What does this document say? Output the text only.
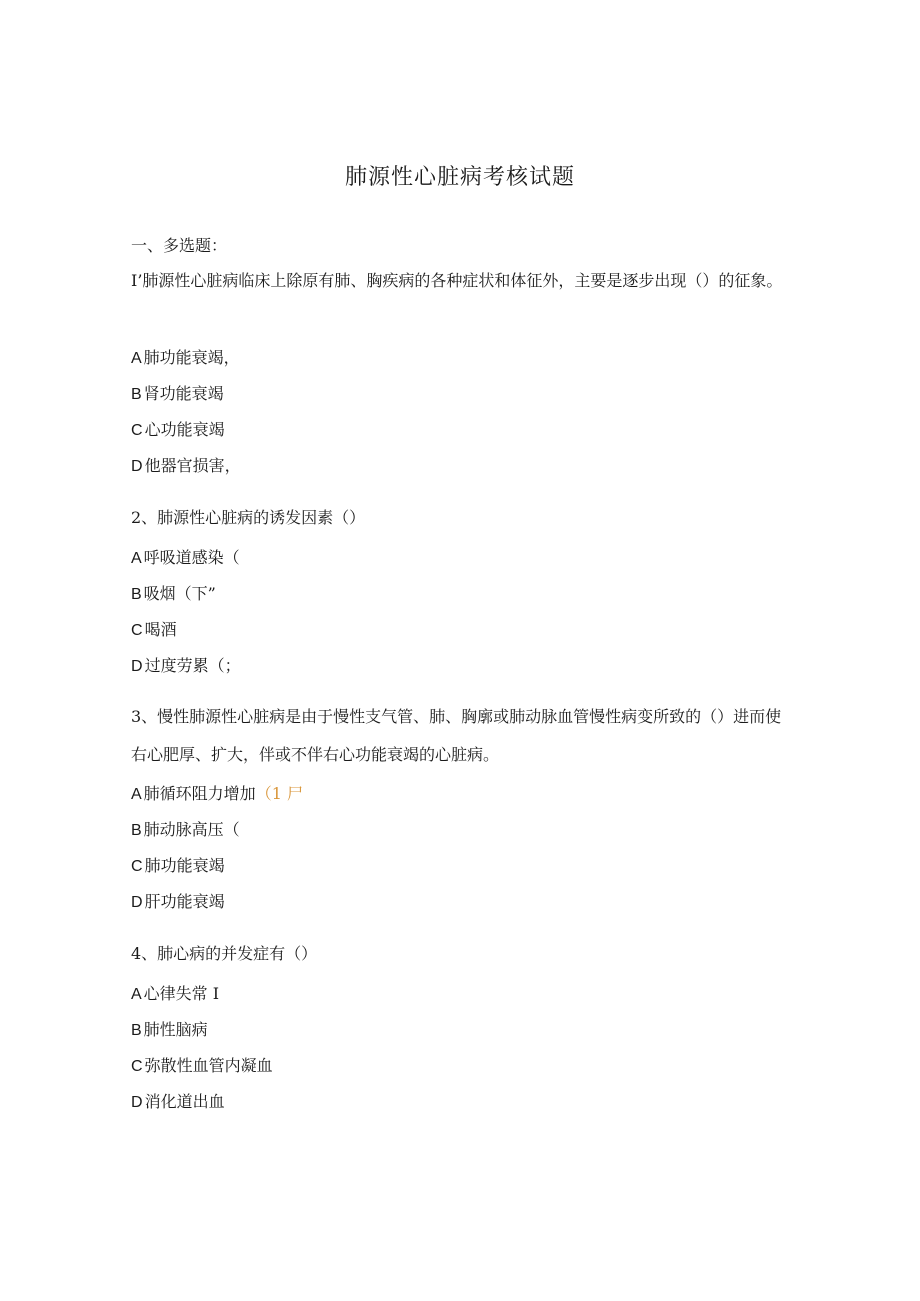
肺源性心脏病考核试题
一、多选题：
I’肺源性心脏病临床上除原有肺、胸疾病的各种症状和体征外，主要是逐步出现（）的征象。
A 肺功能衰竭，
B 肾功能衰竭
C 心功能衰竭
D 他器官损害，
2、肺源性心脏病的诱发因素（）
A 呼吸道感染（
B 吸烟（下”
C 喝酒
D 过度劳累（；
3、慢性肺源性心脏病是由于慢性支气管、肺、胸廓或肺动脉血管慢性病变所致的（）进而使右心肥厚、扩大，伴或不伴右心功能衰竭的心脏病。
A 肺循环阻力增加（1 尸
B 肺动脉高压（
C 肺功能衰竭
D 肝功能衰竭
4、肺心病的并发症有（）
A 心律失常 I
B 肺性脑病
C 弥散性血管内凝血
D 消化道出血
